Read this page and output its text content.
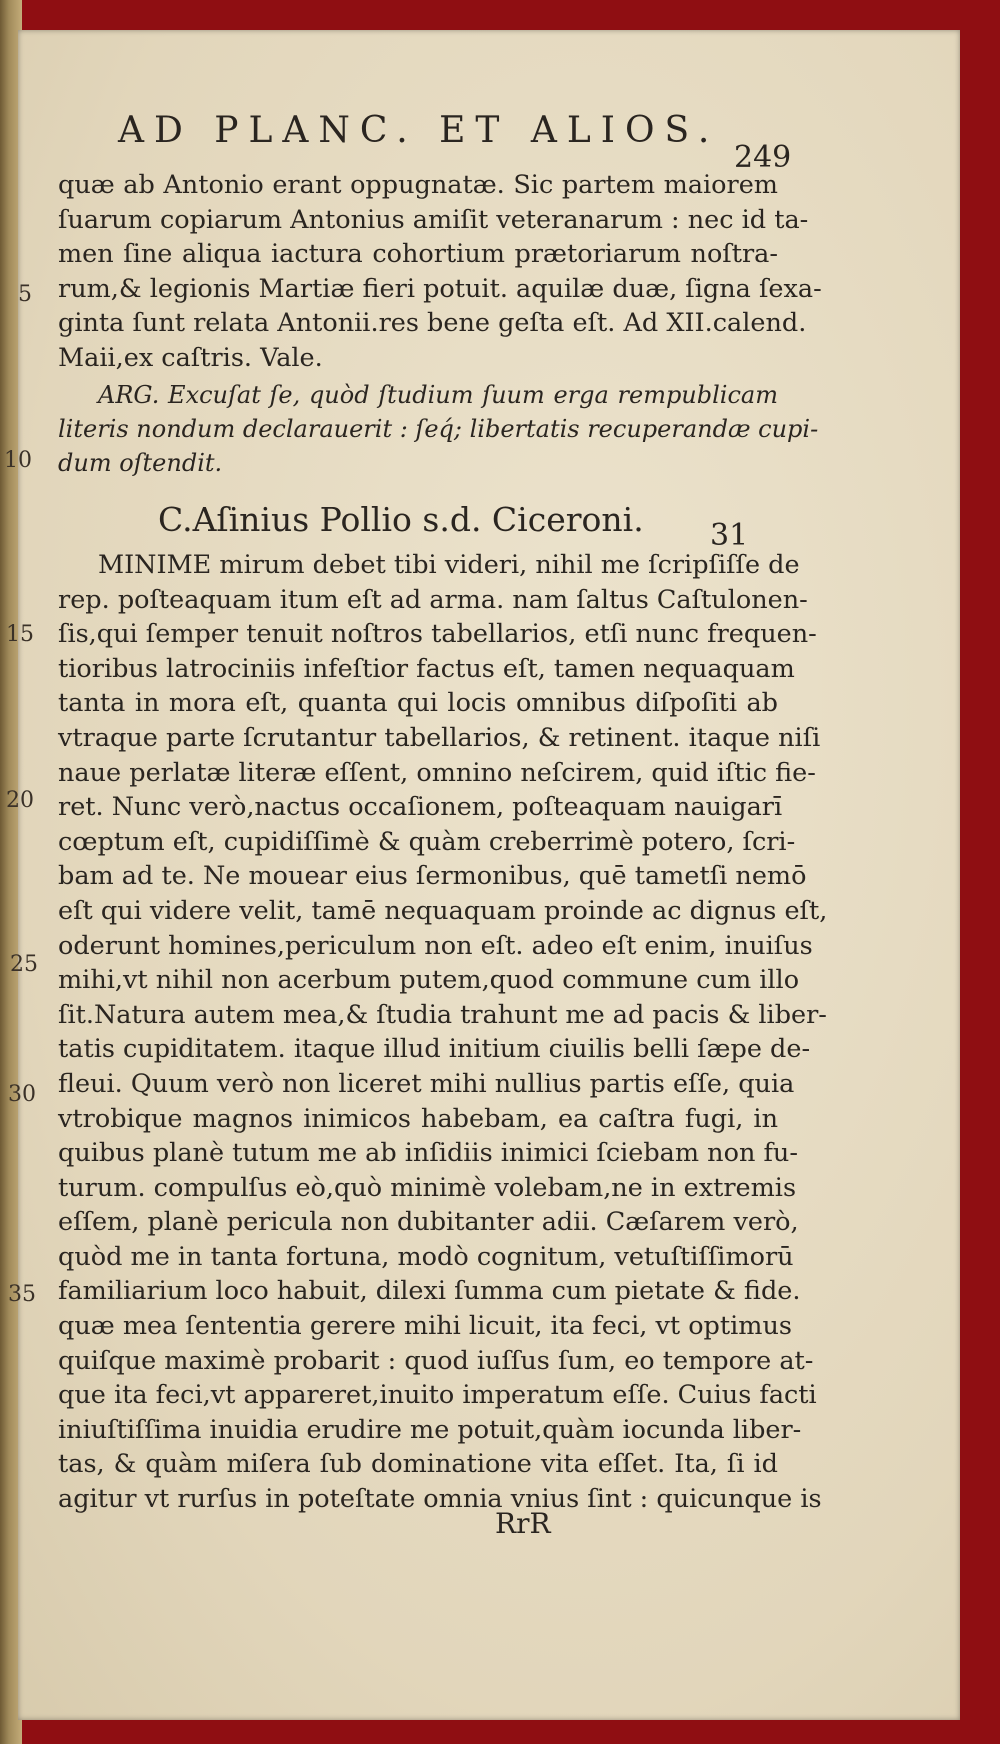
AD PLANC. ET ALIOS.
249
quæ ab Antonio erant oppugnatæ. Sic partem maiorem
ſuarum copiarum Antonius amiſit veteranarum : nec id ta-
men ſine aliqua iactura cohortium prætoriarum noſtra-
rum,& legionis Martiæ fieri potuit. aquilæ duæ, ſigna ſexa-
ginta ſunt relata Antonii.res bene geſta eſt. Ad XII.calend.
Maii,ex caſtris. Vale.
ARG. Excuſat ſe, quòd ſtudium ſuum erga rempublicam
literis nondum declarauerit : ſeq́; libertatis recuperandæ cupi-
dum oſtendit.
C.Aſinius Pollio s.d. Ciceroni.	31
MINIME mirum debet tibi videri, nihil me ſcripſiſſe de
rep. poſteaquam itum eſt ad arma. nam ſaltus Caſtulonen-
ſis,qui ſemper tenuit noſtros tabellarios, etſi nunc frequen-
tioribus latrociniis infeſtior factus eſt, tamen nequaquam
tanta in mora eſt, quanta qui locis omnibus diſpoſiti ab
vtraque parte ſcrutantur tabellarios, & retinent. itaque niſi
naue perlatæ literæ eſſent, omnino neſcirem, quid iſtic fie-
ret. Nunc verò,nactus occaſionem, poſteaquam nauigarī
cœptum eſt, cupidiſſimè & quàm creberrimè potero, ſcri-
bam ad te. Ne mouear eius ſermonibus, quē tametſi nemō
eſt qui videre velit, tamē nequaquam proinde ac dignus eſt,
oderunt homines,periculum non eſt. adeo eſt enim, inuiſus
mihi,vt nihil non acerbum putem,quod commune cum illo
ſit.Natura autem mea,& ſtudia trahunt me ad pacis & liber-
tatis cupiditatem. itaque illud initium ciuilis belli ſæpe de-
fleui. Quum verò non liceret mihi nullius partis eſſe, quia
vtrobique magnos inimicos habebam, ea caſtra fugi, in
quibus planè tutum me ab inſidiis inimici ſciebam non fu-
turum. compulſus eò,quò minimè volebam,ne in extremis
eſſem, planè pericula non dubitanter adii. Cæſarem verò,
quòd me in tanta fortuna, modò cognitum, vetuſtiſſimorū
familiarium loco habuit, dilexi ſumma cum pietate & fide.
quæ mea ſententia gerere mihi licuit, ita feci, vt optimus
quiſque maximè probarit : quod iuſſus ſum, eo tempore at-
que ita feci,vt appareret,inuito imperatum eſſe. Cuius facti
iniuſtiſſima inuidia erudire me potuit,quàm iocunda liber-
tas, & quàm miſera ſub dominatione vita eſſet. Ita, ſi id
agitur vt rurſus in poteſtate omnia vnius ſint : quicunque is
RrR
5
10
15
20
25
30
35
